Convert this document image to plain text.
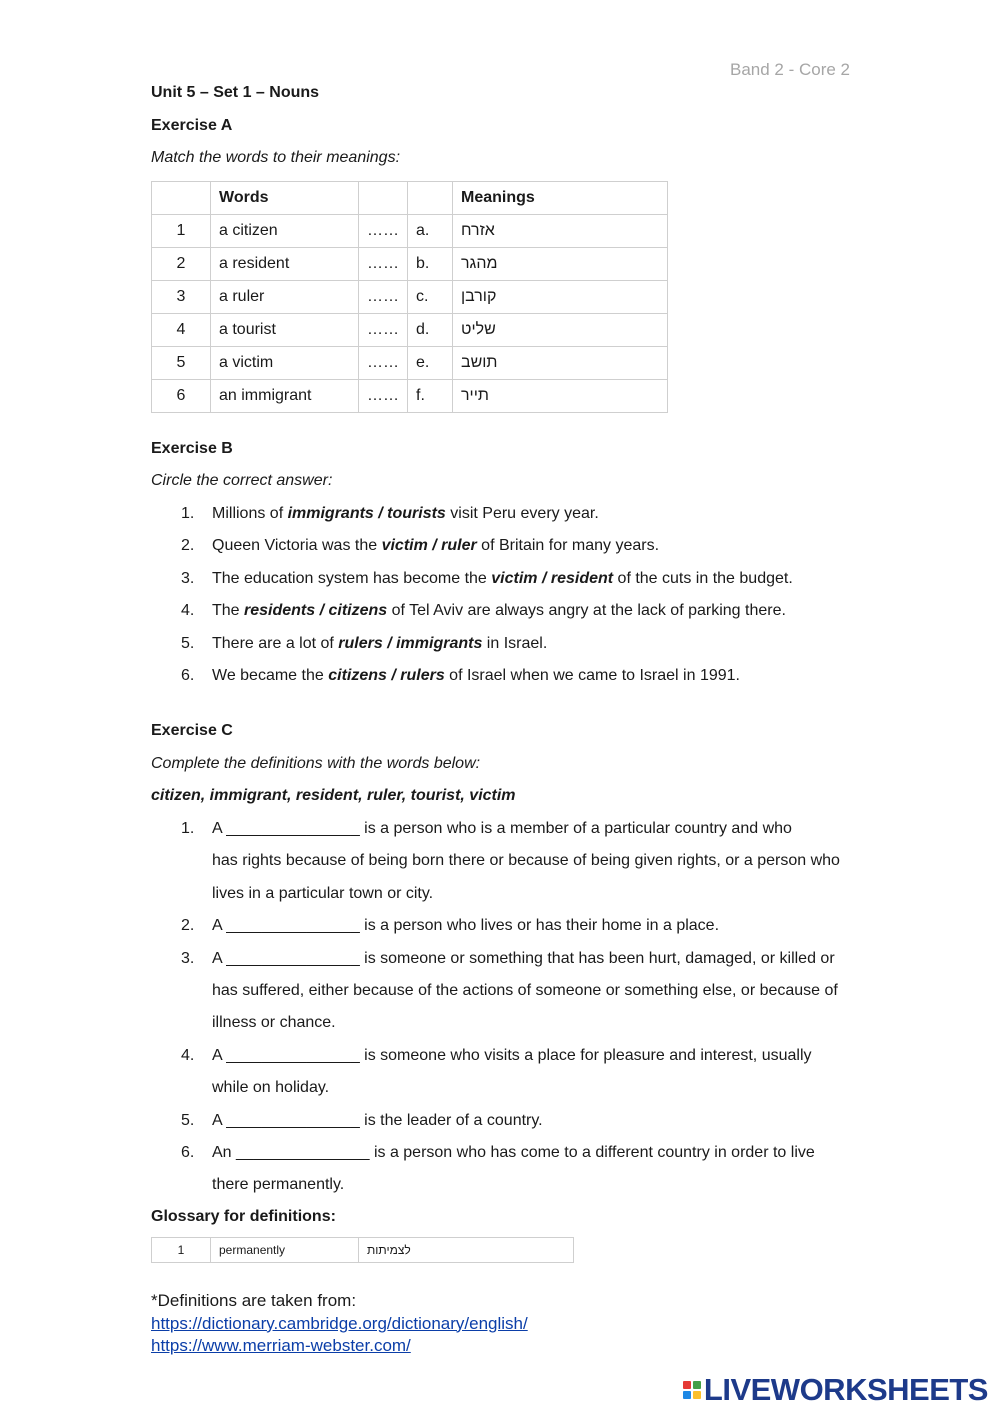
Band 2 - Core 2
Unit 5 – Set 1 – Nouns
Exercise A
Match the words to their meanings:
	Words			Meanings
1	a citizen	……	a.	אזרח
2	a resident	……	b.	מהגר
3	a ruler	……	c.	קורבן
4	a tourist	……	d.	שליט
5	a victim	……	e.	תושב
6	an immigrant	……	f.	תייר
Exercise B
Circle the correct answer:
1. Millions of immigrants / tourists visit Peru every year.
2. Queen Victoria was the victim / ruler of Britain for many years.
3. The education system has become the victim / resident of the cuts in the budget.
4. The residents / citizens of Tel Aviv are always angry at the lack of parking there.
5. There are a lot of rulers / immigrants in Israel.
6. We became the citizens / rulers of Israel when we came to Israel in 1991.
Exercise C
Complete the definitions with the words below:
citizen, immigrant, resident, ruler, tourist, victim
1. A _______________ is a person who is a member of a particular country and who
has rights because of being born there or because of being given rights, or a person who
lives in a particular town or city.
2. A _______________ is a person who lives or has their home in a place.
3. A _______________ is someone or something that has been hurt, damaged, or killed or
has suffered, either because of the actions of someone or something else, or because of
illness or chance.
4. A _______________ is someone who visits a place for pleasure and interest, usually
while on holiday.
5. A _______________ is the leader of a country.
6. An _______________ is a person who has come to a different country in order to live
there permanently.
Glossary for definitions:
1	permanently	לצמיתות
*Definitions are taken from:
https://dictionary.cambridge.org/dictionary/english/
https://www.merriam-webster.com/
LIVEWORKSHEETS
